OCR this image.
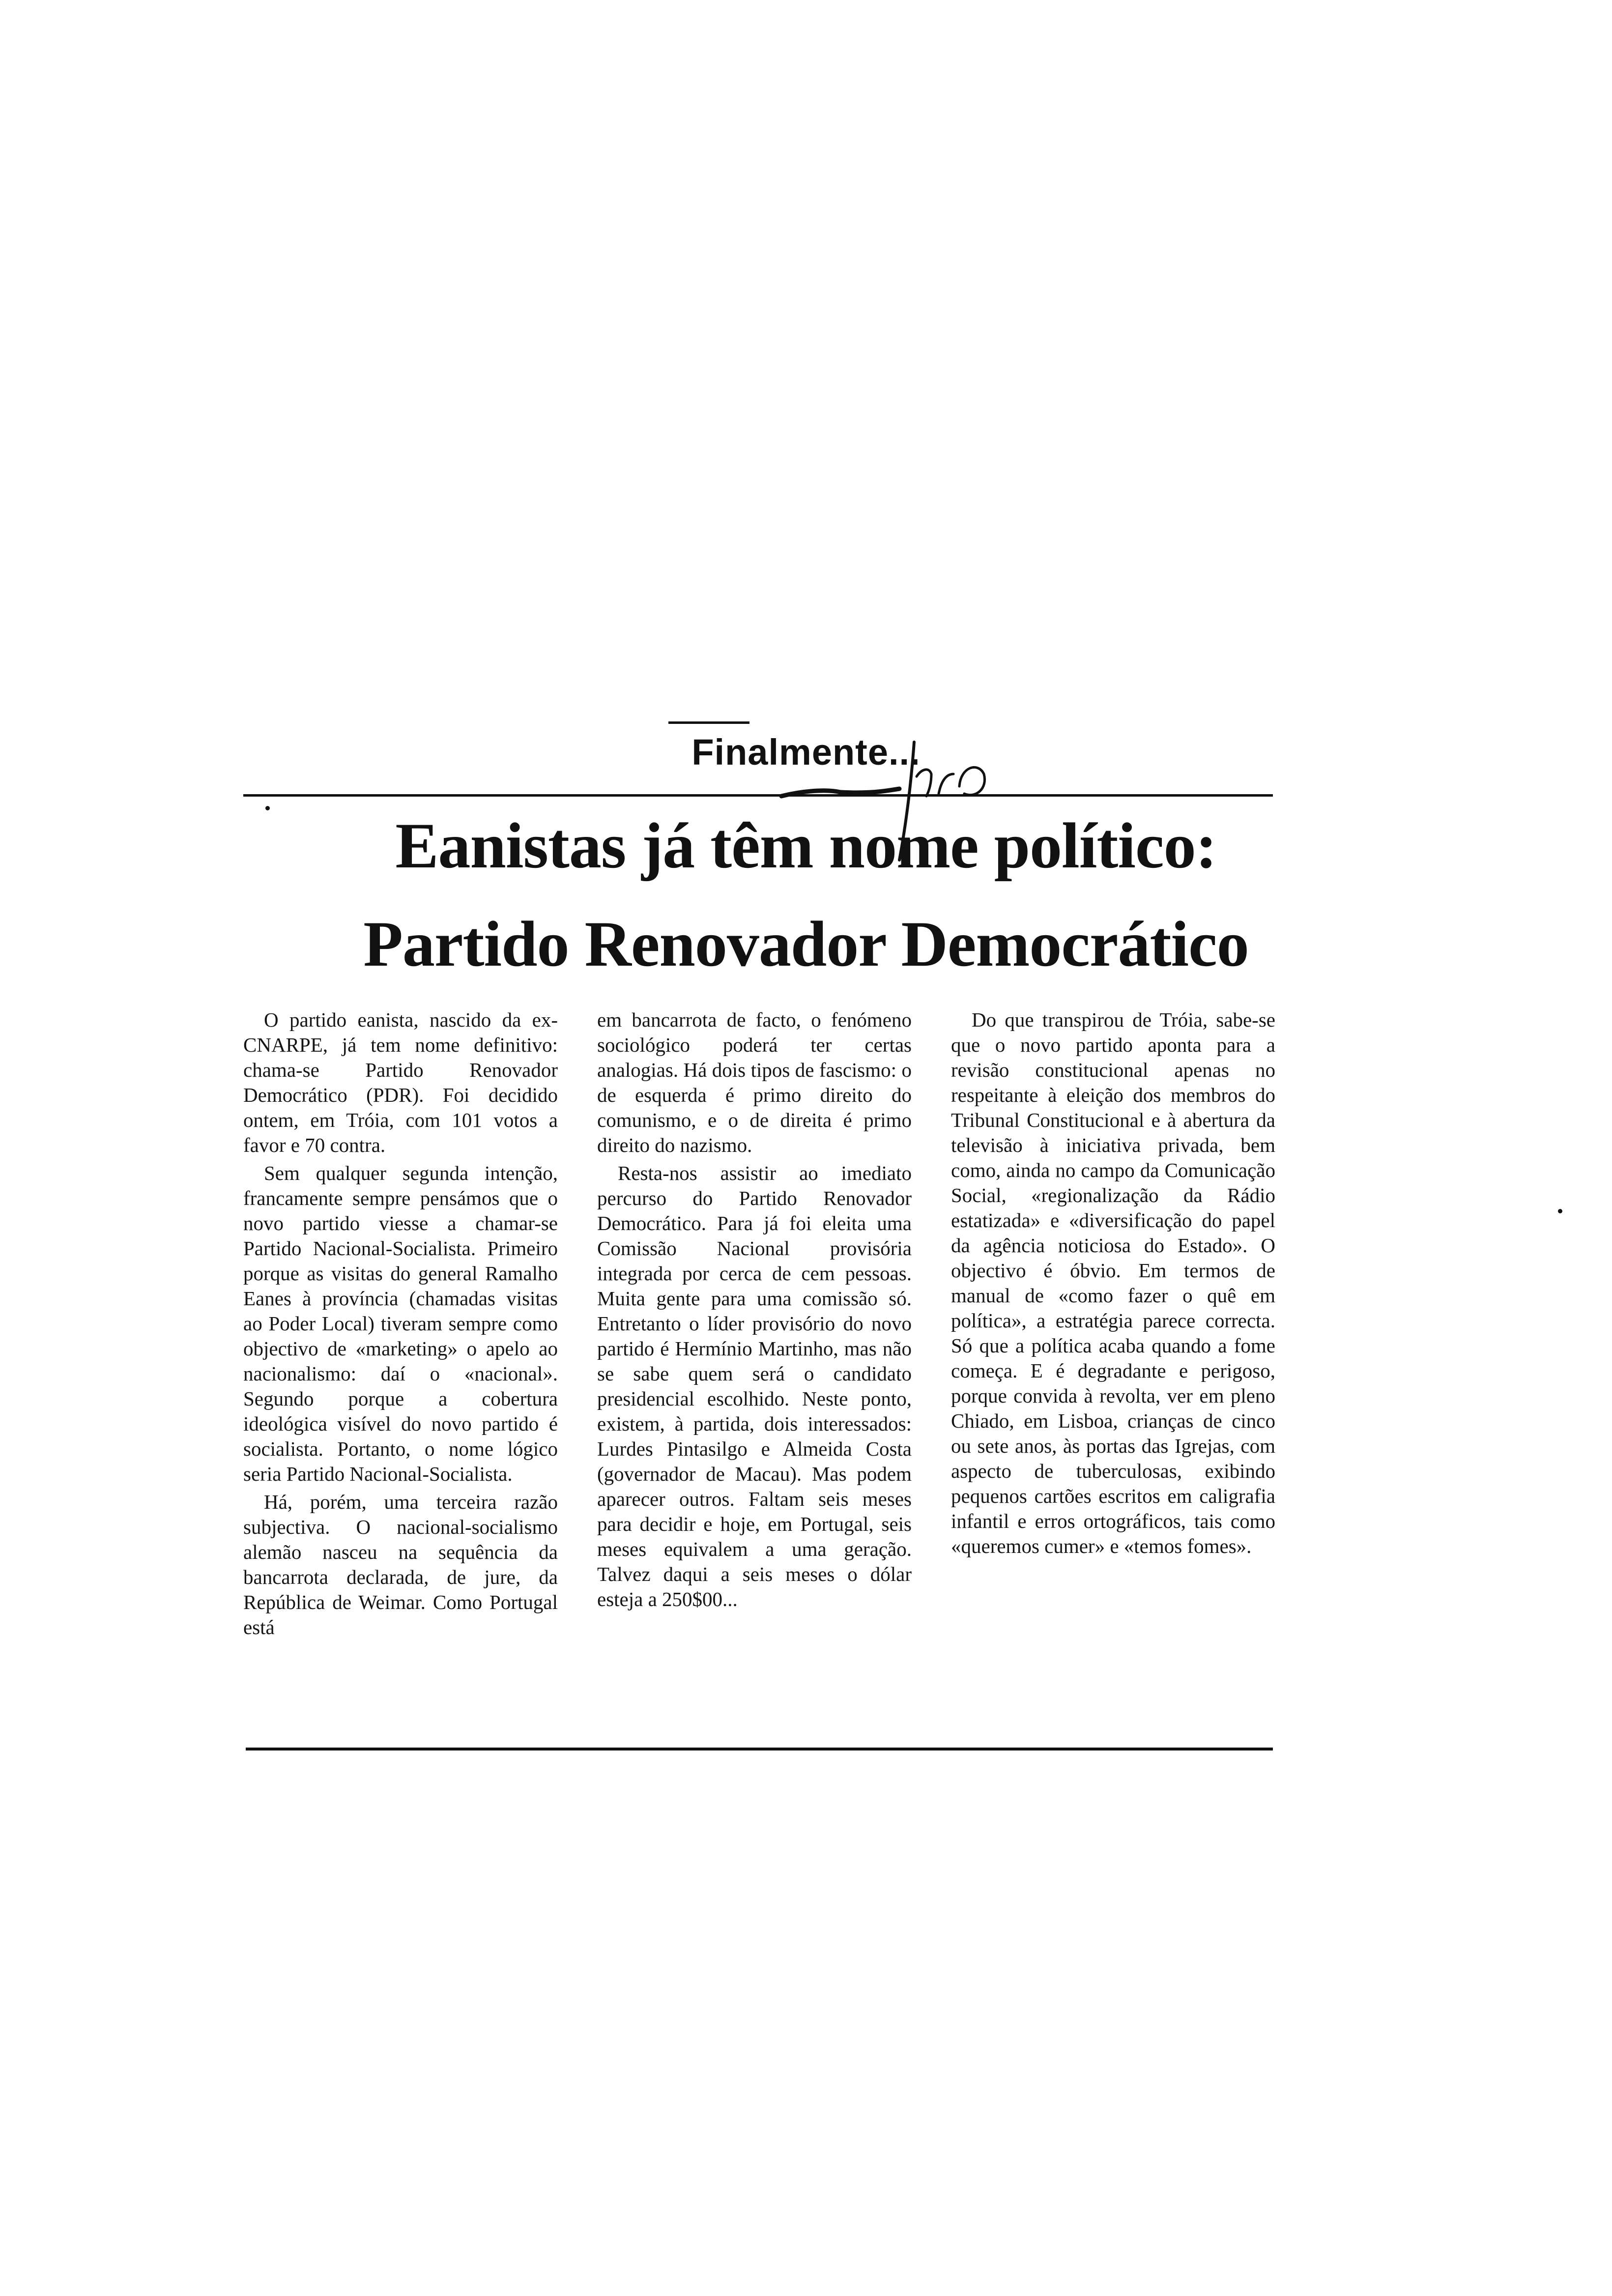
Finalmente...
Eanistas já têm nome político:
Partido Renovador Democrático

O partido eanista, nascido da ex-CNARPE, já tem nome definitivo: chama-se Partido Renovador Democrático (PDR). Foi decidido ontem, em Tróia, com 101 votos a favor e 70 contra.

Sem qualquer segunda intenção, francamente sempre pensámos que o novo partido viesse a chamar-se Partido Nacional-Socialista. Primeiro porque as visitas do general Ramalho Eanes à província (chamadas visitas ao Poder Local) tiveram sempre como objectivo de «marketing» o apelo ao nacionalismo: daí o «nacional». Segundo porque a cobertura ideológica visível do novo partido é socialista. Portanto, o nome lógico seria Partido Nacional-Socialista.

Há, porém, uma terceira razão subjectiva. O nacional-socialismo alemão nasceu na sequência da bancarrota declarada, de jure, da República de Weimar. Como Portugal está

em bancarrota de facto, o fenómeno sociológico poderá ter certas analogias. Há dois tipos de fascismo: o de esquerda é primo direito do comunismo, e o de direita é primo direito do nazismo.

Resta-nos assistir ao imediato percurso do Partido Renovador Democrático. Para já foi eleita uma Comissão Nacional provisória integrada por cerca de cem pessoas. Muita gente para uma comissão só. Entretanto o líder provisório do novo partido é Hermínio Martinho, mas não se sabe quem será o candidato presidencial escolhido. Neste ponto, existem, à partida, dois interessados: Lurdes Pintasilgo e Almeida Costa (governador de Macau). Mas podem aparecer outros. Faltam seis meses para decidir e hoje, em Portugal, seis meses equivalem a uma geração. Talvez daqui a seis meses o dólar esteja a 250$00...

Do que transpirou de Tróia, sabe-se que o novo partido aponta para a revisão constitucional apenas no respeitante à eleição dos membros do Tribunal Constitucional e à abertura da televisão à iniciativa privada, bem como, ainda no campo da Comunicação Social, «regionalização da Rádio estatizada» e «diversificação do papel da agência noticiosa do Estado». O objectivo é óbvio. Em termos de manual de «como fazer o quê em política», a estratégia parece correcta. Só que a política acaba quando a fome começa. E é degradante e perigoso, porque convida à revolta, ver em pleno Chiado, em Lisboa, crianças de cinco ou sete anos, às portas das Igrejas, com aspecto de tuberculosas, exibindo pequenos cartões escritos em caligrafia infantil e erros ortográficos, tais como «queremos cumer» e «temos fomes».
